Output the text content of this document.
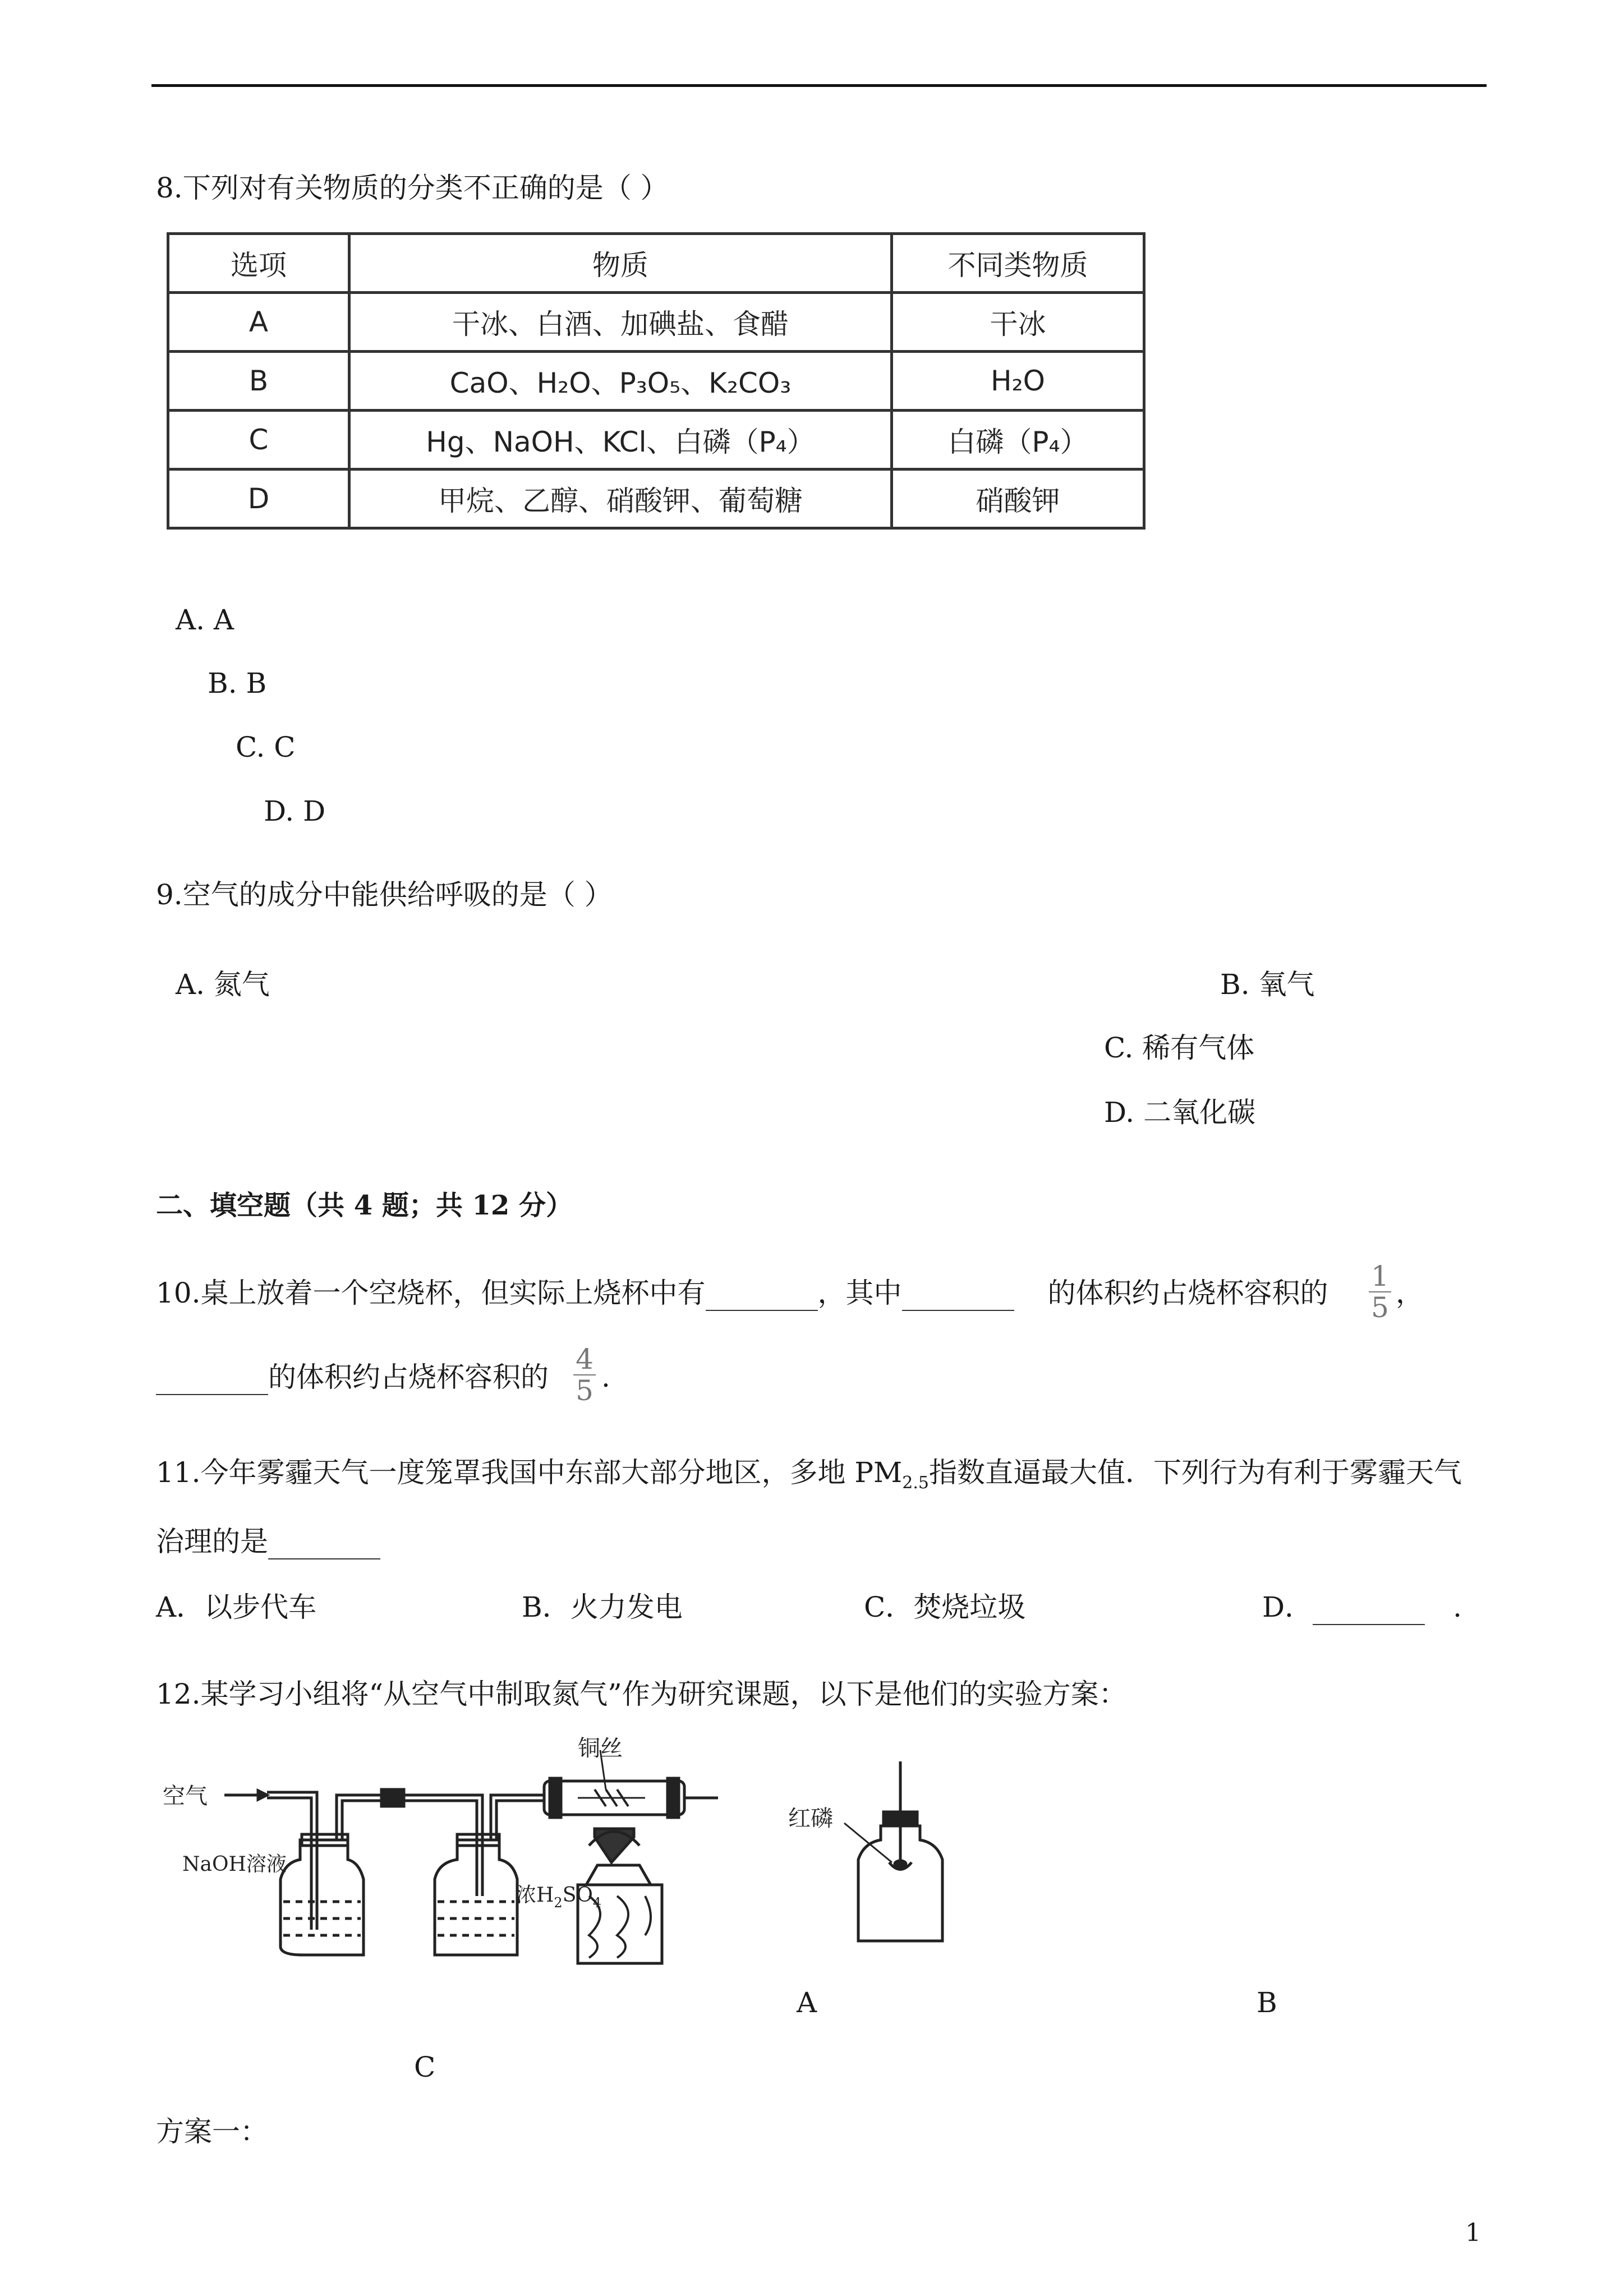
8.下列对有关物质的分类不正确的是（ ）
选项	物质	不同类物质
A	干冰、白酒、加碘盐、食醋	干冰
B	CaO、H₂O、P₃O₅、K₂CO₃	H₂O
C	Hg、NaOH、KCl、白磷（P₄）	白磷（P₄）
D	甲烷、乙醇、硝酸钾、葡萄糖	硝酸钾
A. A
B. B
C. C
D. D
9.空气的成分中能供给呼吸的是（ ）
A. 氮气	B. 氧气
C. 稀有气体
D. 二氧化碳
二、填空题（共 4 题；共 12 分）
10.桌上放着一个空烧杯，但实际上烧杯中有	，其中	的体积约占烧杯容积的
1
5 ，
的体积约占烧杯容积的
4
5 .
11.今年雾霾天气一度笼罩我国中东部大部分地区，多地 $PM_{2.5}$指数直逼最大值．下列行为有利于雾霾天气
治理的是
A．以步代车	B．火力发电	C．焚烧垃圾	D．	.
12.某学习小组将“从空气中制取氮气”作为研究课题，以下是他们的实验方案：
空气
NaOH溶液
浓$H_2SO_4$
铜丝
红磷
A	B
C
方案一：
1
